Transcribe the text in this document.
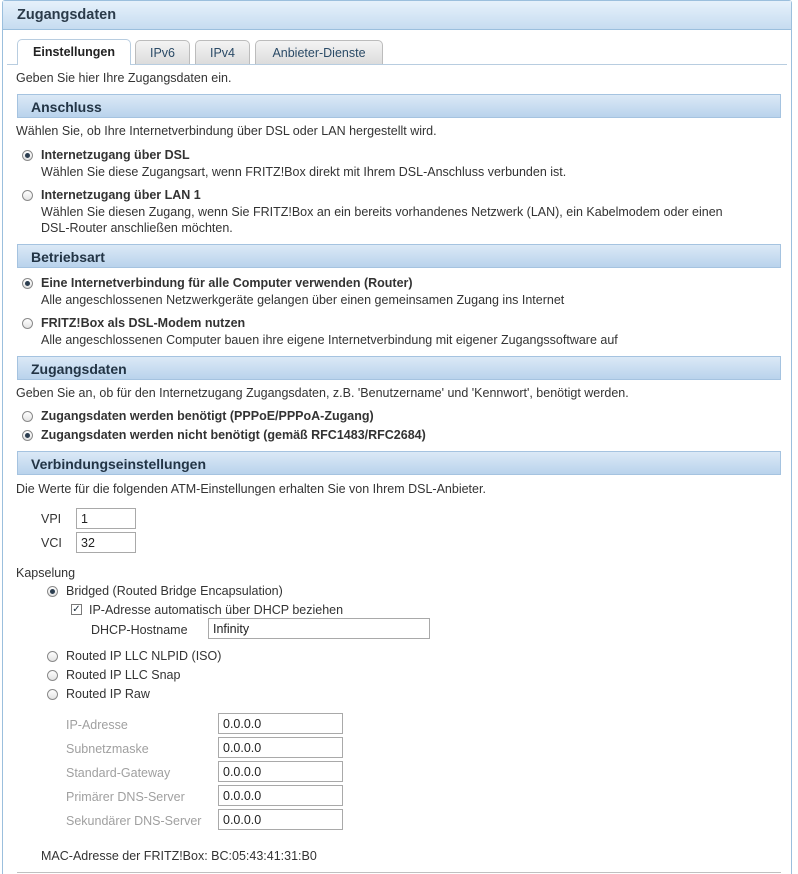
Zugangsdaten
Einstellungen	IPv6	IPv4	Anbieter-Dienste
Geben Sie hier Ihre Zugangsdaten ein.
Anschluss
Wählen Sie, ob Ihre Internetverbindung über DSL oder LAN hergestellt wird.
Internetzugang über DSL
Wählen Sie diese Zugangsart, wenn FRITZ!Box direkt mit Ihrem DSL-Anschluss verbunden ist.
Internetzugang über LAN 1
Wählen Sie diesen Zugang, wenn Sie FRITZ!Box an ein bereits vorhandenes Netzwerk (LAN), ein Kabelmodem oder einen
DSL-Router anschließen möchten.
Betriebsart
Eine Internetverbindung für alle Computer verwenden (Router)
Alle angeschlossenen Netzwerkgeräte gelangen über einen gemeinsamen Zugang ins Internet
FRITZ!Box als DSL-Modem nutzen
Alle angeschlossenen Computer bauen ihre eigene Internetverbindung mit eigener Zugangssoftware auf
Zugangsdaten
Geben Sie an, ob für den Internetzugang Zugangsdaten, z.B. 'Benutzername' und 'Kennwort', benötigt werden.
Zugangsdaten werden benötigt (PPPoE/PPPoA-Zugang)
Zugangsdaten werden nicht benötigt (gemäß RFC1483/RFC2684)
Verbindungseinstellungen
Die Werte für die folgenden ATM-Einstellungen erhalten Sie von Ihrem DSL-Anbieter.
VPI
1
VCI
32
Kapselung
Bridged (Routed Bridge Encapsulation)
✓ IP-Adresse automatisch über DHCP beziehen
DHCP-Hostname
Infinity
Routed IP LLC NLPID (ISO)
Routed IP LLC Snap
Routed IP Raw
IP-Adresse
0.0.0.0
Subnetzmaske
0.0.0.0
Standard-Gateway
0.0.0.0
Primärer DNS-Server
0.0.0.0
Sekundärer DNS-Server
0.0.0.0
MAC-Adresse der FRITZ!Box: BC:05:43:41:31:B0
